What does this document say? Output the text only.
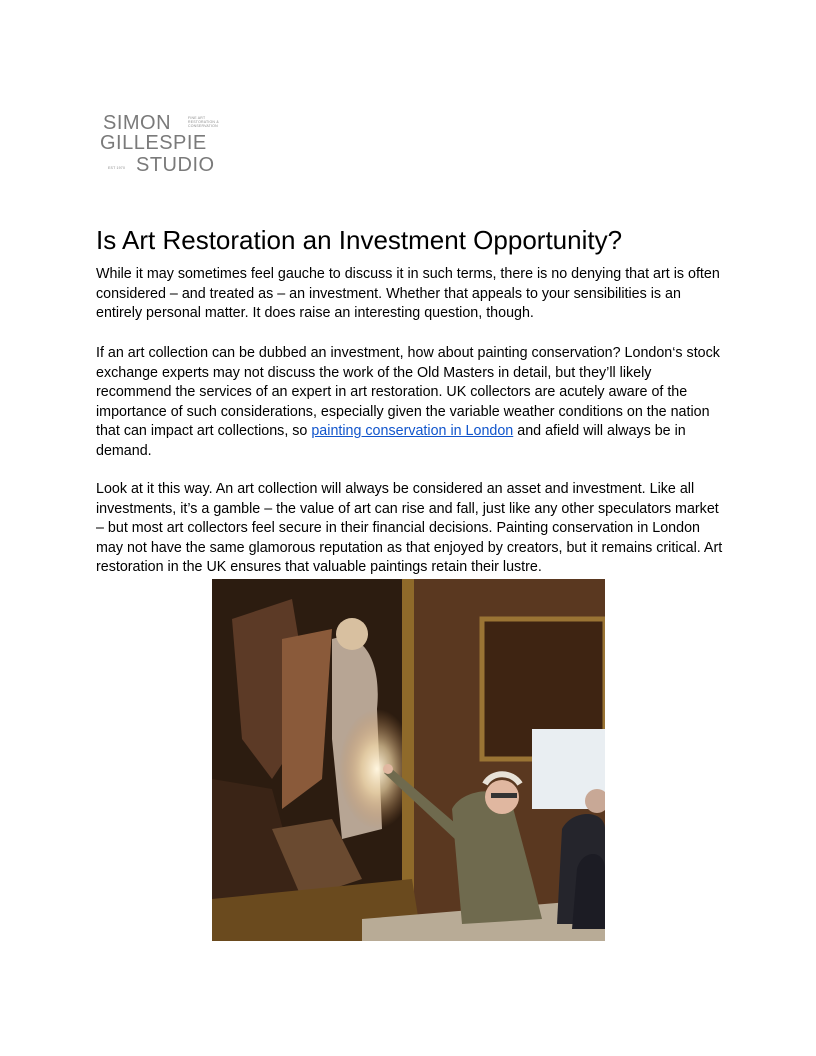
SIMON	FINE ART RESTORATION & CONSERVATION
GILLESPIE
EST 1970 STUDIO
Is Art Restoration an Investment Opportunity?

While it may sometimes feel gauche to discuss it in such terms, there is no denying that art is often considered – and treated as – an investment. Whether that appeals to your sensibilities is an entirely personal matter. It does raise an interesting question, though.

If an art collection can be dubbed an investment, how about painting conservation? London‘s stock exchange experts may not discuss the work of the Old Masters in detail, but they’ll likely recommend the services of an expert in art restoration. UK collectors are acutely aware of the importance of such considerations, especially given the variable weather conditions on the nation that can impact art collections, so painting conservation in London and afield will always be in demand.

Look at it this way. An art collection will always be considered an asset and investment. Like all investments, it’s a gamble – the value of art can rise and fall, just like any other speculators market – but most art collectors feel secure in their financial decisions. Painting conservation in London may not have the same glamorous reputation as that enjoyed by creators, but it remains critical. Art restoration in the UK ensures that valuable paintings retain their lustre.
